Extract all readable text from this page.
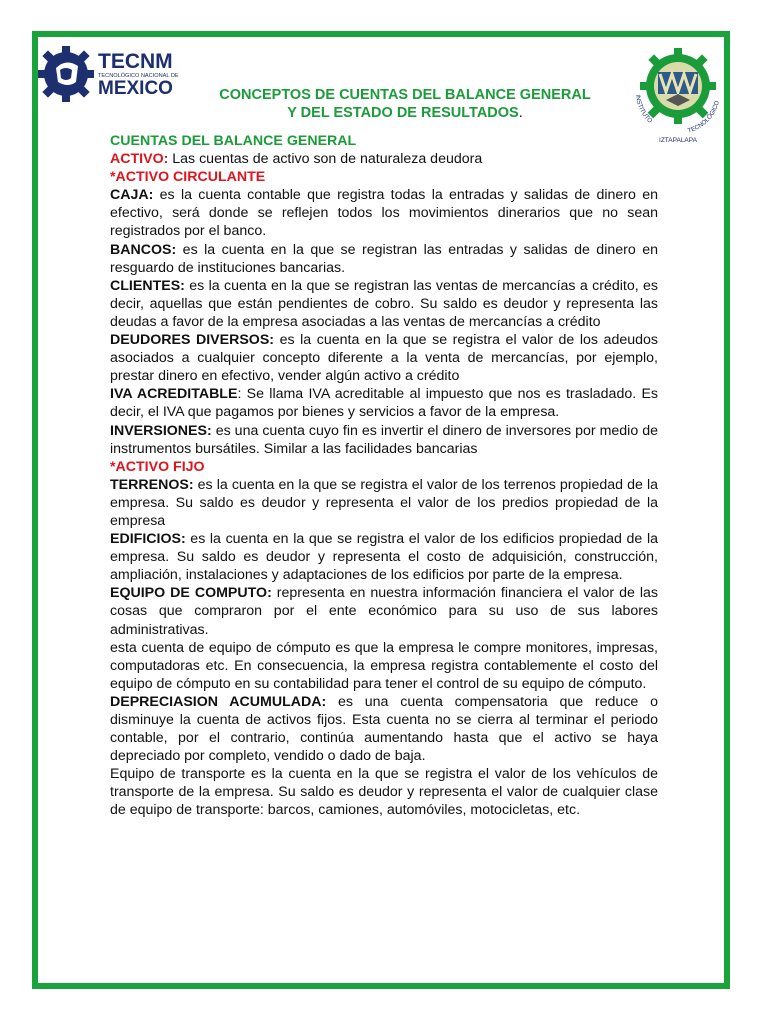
TECNM
TECNOLÓGICO NACIONAL DE
MEXICO	INSTITUTO
TECNOLÓGICO
IZTAPALAPA
CONCEPTOS DE CUENTAS DEL BALANCE GENERAL
Y DEL ESTADO DE RESULTADOS.

CUENTAS DEL BALANCE GENERAL

ACTIVO: Las cuentas de activo son de naturaleza deudora

*ACTIVO CIRCULANTE

CAJA: es la cuenta contable que registra todas la entradas y salidas de dinero en efectivo, será donde se reflejen todos los movimientos dinerarios que no sean registrados por el banco.

BANCOS: es la cuenta en la que se registran las entradas y salidas de dinero en resguardo de instituciones bancarias.

CLIENTES: es la cuenta en la que se registran las ventas de mercancías a crédito, es decir, aquellas que están pendientes de cobro. Su saldo es deudor y representa las deudas a favor de la empresa asociadas a las ventas de mercancías a crédito

DEUDORES DIVERSOS: es la cuenta en la que se registra el valor de los adeudos asociados a cualquier concepto diferente a la venta de mercancías, por ejemplo, prestar dinero en efectivo, vender algún activo a crédito

IVA ACREDITABLE: Se llama IVA acreditable al impuesto que nos es trasladado. Es decir, el IVA que pagamos por bienes y servicios a favor de la empresa.

INVERSIONES: es una cuenta cuyo fin es invertir el dinero de inversores por medio de instrumentos bursátiles. Similar a las facilidades bancarias

*ACTIVO FIJO

TERRENOS: es la cuenta en la que se registra el valor de los terrenos propiedad de la empresa. Su saldo es deudor y representa el valor de los predios propiedad de la empresa

EDIFICIOS: es la cuenta en la que se registra el valor de los edificios propiedad de la empresa. Su saldo es deudor y representa el costo de adquisición, construcción, ampliación, instalaciones y adaptaciones de los edificios por parte de la empresa.

EQUIPO DE COMPUTO: representa en nuestra información financiera el valor de las cosas que compraron por el ente económico para su uso de sus labores administrativas.

esta cuenta de equipo de cómputo es que la empresa le compre monitores, impresas, computadoras etc. En consecuencia, la empresa registra contablemente el costo del equipo de cómputo en su contabilidad para tener el control de su equipo de cómputo.

DEPRECIASION ACUMULADA: es una cuenta compensatoria que reduce o disminuye la cuenta de activos fijos. Esta cuenta no se cierra al terminar el periodo contable, por el contrario, continúa aumentando hasta que el activo se haya depreciado por completo, vendido o dado de baja.

Equipo de transporte es la cuenta en la que se registra el valor de los vehículos de transporte de la empresa. Su saldo es deudor y representa el valor de cualquier clase de equipo de transporte: barcos, camiones, automóviles, motocicletas, etc.
